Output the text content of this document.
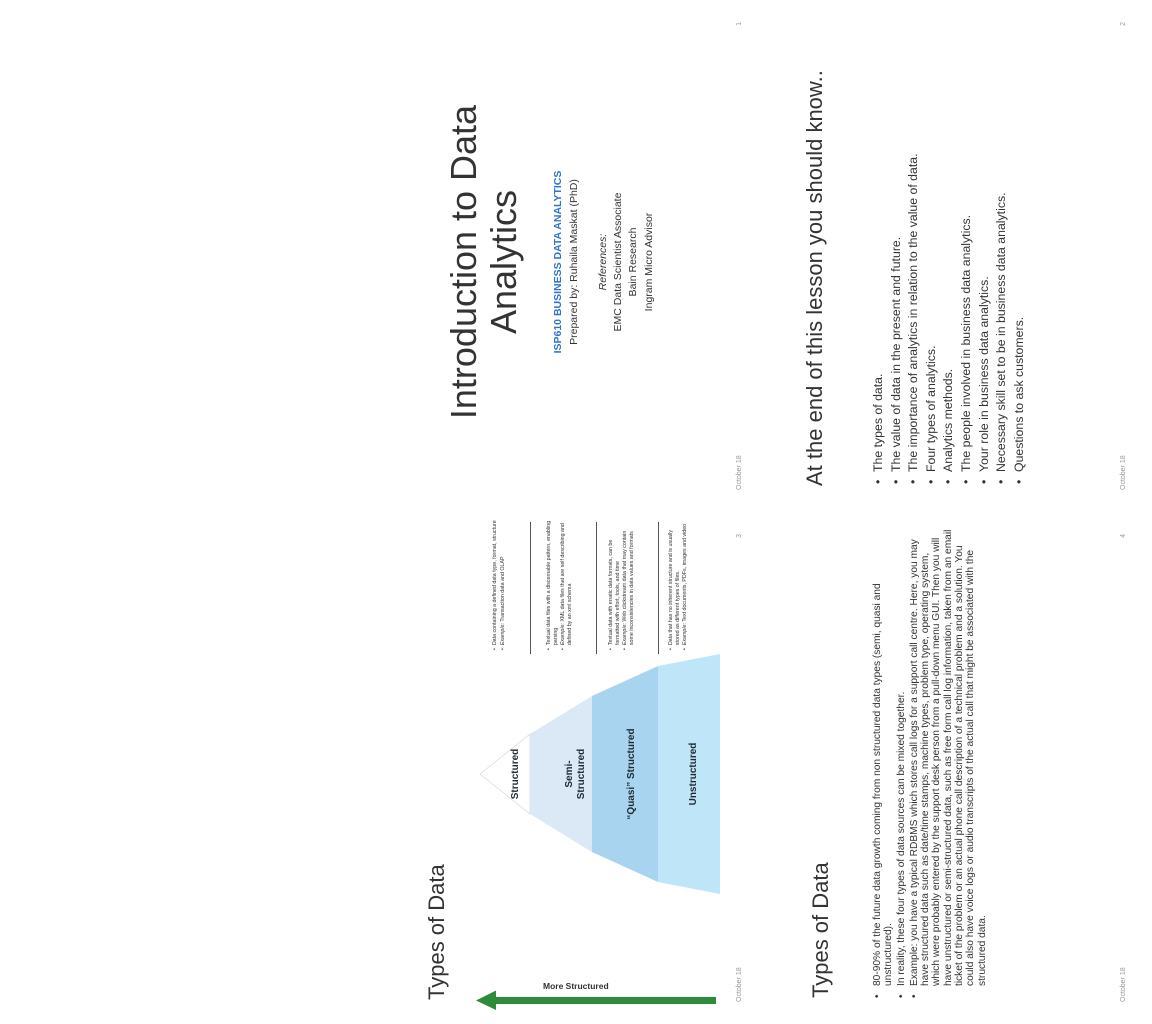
Introduction to Data Analytics	ISP610 BUSINESS DATA ANALYTICS Prepared by: Ruhaila Maskat (PhD) References: EMC Data Scientist Associate Bain Research Ingram Micro Advisor
October 18
1
At the end of this lesson you should know..	• The types of data. • The value of data in the present and future. • The importance of analytics in relation to the value of data. • Four types of analytics. • Analytics methods. • The people involved in business data analytics. • Your role in business data analytics. • Necessary skill set to be in business data analytics. • Questions to ask customers.
October 18
2
Types of Data	More Structured
Structured	Semi- Structured	“Quasi” Structured	Unstructured
•
Data containing a defined data type, format, structure
•
Example: Transaction data and OLAP
•
Textual data files with a discernable pattern, enabling parsing
•
Example: XML data files that are self describing and defined by an xml schema
•
Textual data with erratic data formats, can be formatted with effort, tools, and time
•
Example: Web clickstream data that may contain some inconsistencies in data values and formats
•
Data that has no inherent structure and is usually stored as different types of files.
•
Example: Text documents, PDFs, images and video
October 18
3
Types of Data	• 80-90% of the future data growth coming from non structured data types (semi, quasi and unstructured). • In reality, these four types of data sources can be mixed together. • Example: you have a typical RDBMS which stores call logs for a support call centre. Here, you may have structured data such as date/time stamps, machine types, problem type, operating system, which were probably entered by the support desk person from a pull-down menu GUI. Then you will have unstructured or semi-structured data, such as free form call log information, taken from an email ticket of the problem or an actual phone call description of a technical problem and a solution. You could also have voice logs or audio transcripts of the actual call that might be associated with the structured data.	October 18
4
